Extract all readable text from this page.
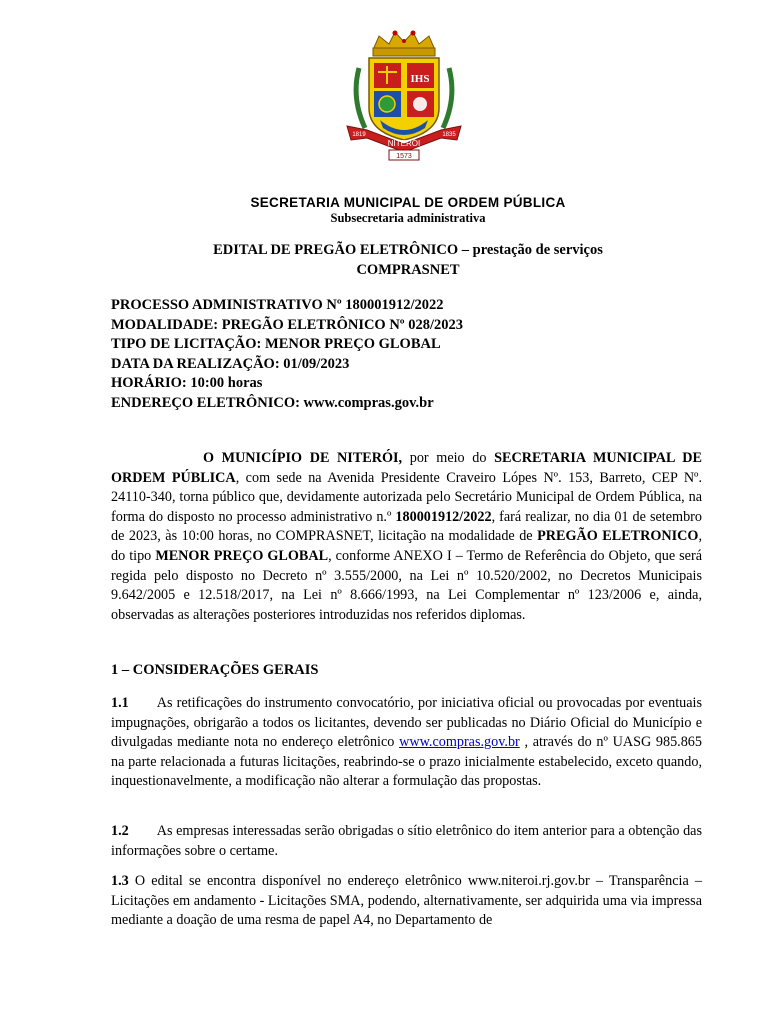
IHS
NITERÓI
1819	1835
1573
SECRETARIA MUNICIPAL DE ORDEM PÚBLICA
Subsecretaria administrativa
EDITAL DE PREGÃO ELETRÔNICO – prestação de serviços
COMPRASNET
PROCESSO ADMINISTRATIVO Nº 180001912/2022
MODALIDADE: PREGÃO ELETRÔNICO Nº 028/2023
TIPO DE LICITAÇÃO: MENOR PREÇO GLOBAL
DATA DA REALIZAÇÃO: 01/09/2023
HORÁRIO: 10:00 horas
ENDEREÇO ELETRÔNICO: www.compras.gov.br
O MUNICÍPIO DE NITERÓI, por meio do SECRETARIA MUNICIPAL DE ORDEM PÚBLICA, com sede na Avenida Presidente Craveiro Lópes Nº. 153, Barreto, CEP Nº. 24110-340, torna público que, devidamente autorizada pelo Secretário Municipal de Ordem Pública, na forma do disposto no processo administrativo n.º 180001912/2022, fará realizar, no dia 01 de setembro de 2023, às 10:00 horas, no COMPRASNET, licitação na modalidade de PREGÃO ELETRONICO, do tipo MENOR PREÇO GLOBAL, conforme ANEXO I – Termo de Referência do Objeto, que será regida pelo disposto no Decreto nº 3.555/2000, na Lei nº 10.520/2002, no Decretos Municipais 9.642/2005 e 12.518/2017, na Lei nº 8.666/1993, na Lei Complementar nº 123/2006 e, ainda, observadas as alterações posteriores introduzidas nos referidos diplomas.
1 – CONSIDERAÇÕES GERAIS
1.1 As retificações do instrumento convocatório, por iniciativa oficial ou provocadas por eventuais impugnações, obrigarão a todos os licitantes, devendo ser publicadas no Diário Oficial do Município e divulgadas mediante nota no endereço eletrônico www.compras.gov.br , através do nº UASG 985.865 na parte relacionada a futuras licitações, reabrindo-se o prazo inicialmente estabelecido, exceto quando, inquestionavelmente, a modificação não alterar a formulação das propostas.
1.2 As empresas interessadas serão obrigadas o sítio eletrônico do item anterior para a obtenção das informações sobre o certame.
1.3 O edital se encontra disponível no endereço eletrônico www.niteroi.rj.gov.br – Transparência – Licitações em andamento - Licitações SMA, podendo, alternativamente, ser adquirida uma via impressa mediante a doação de uma resma de papel A4, no Departamento de
